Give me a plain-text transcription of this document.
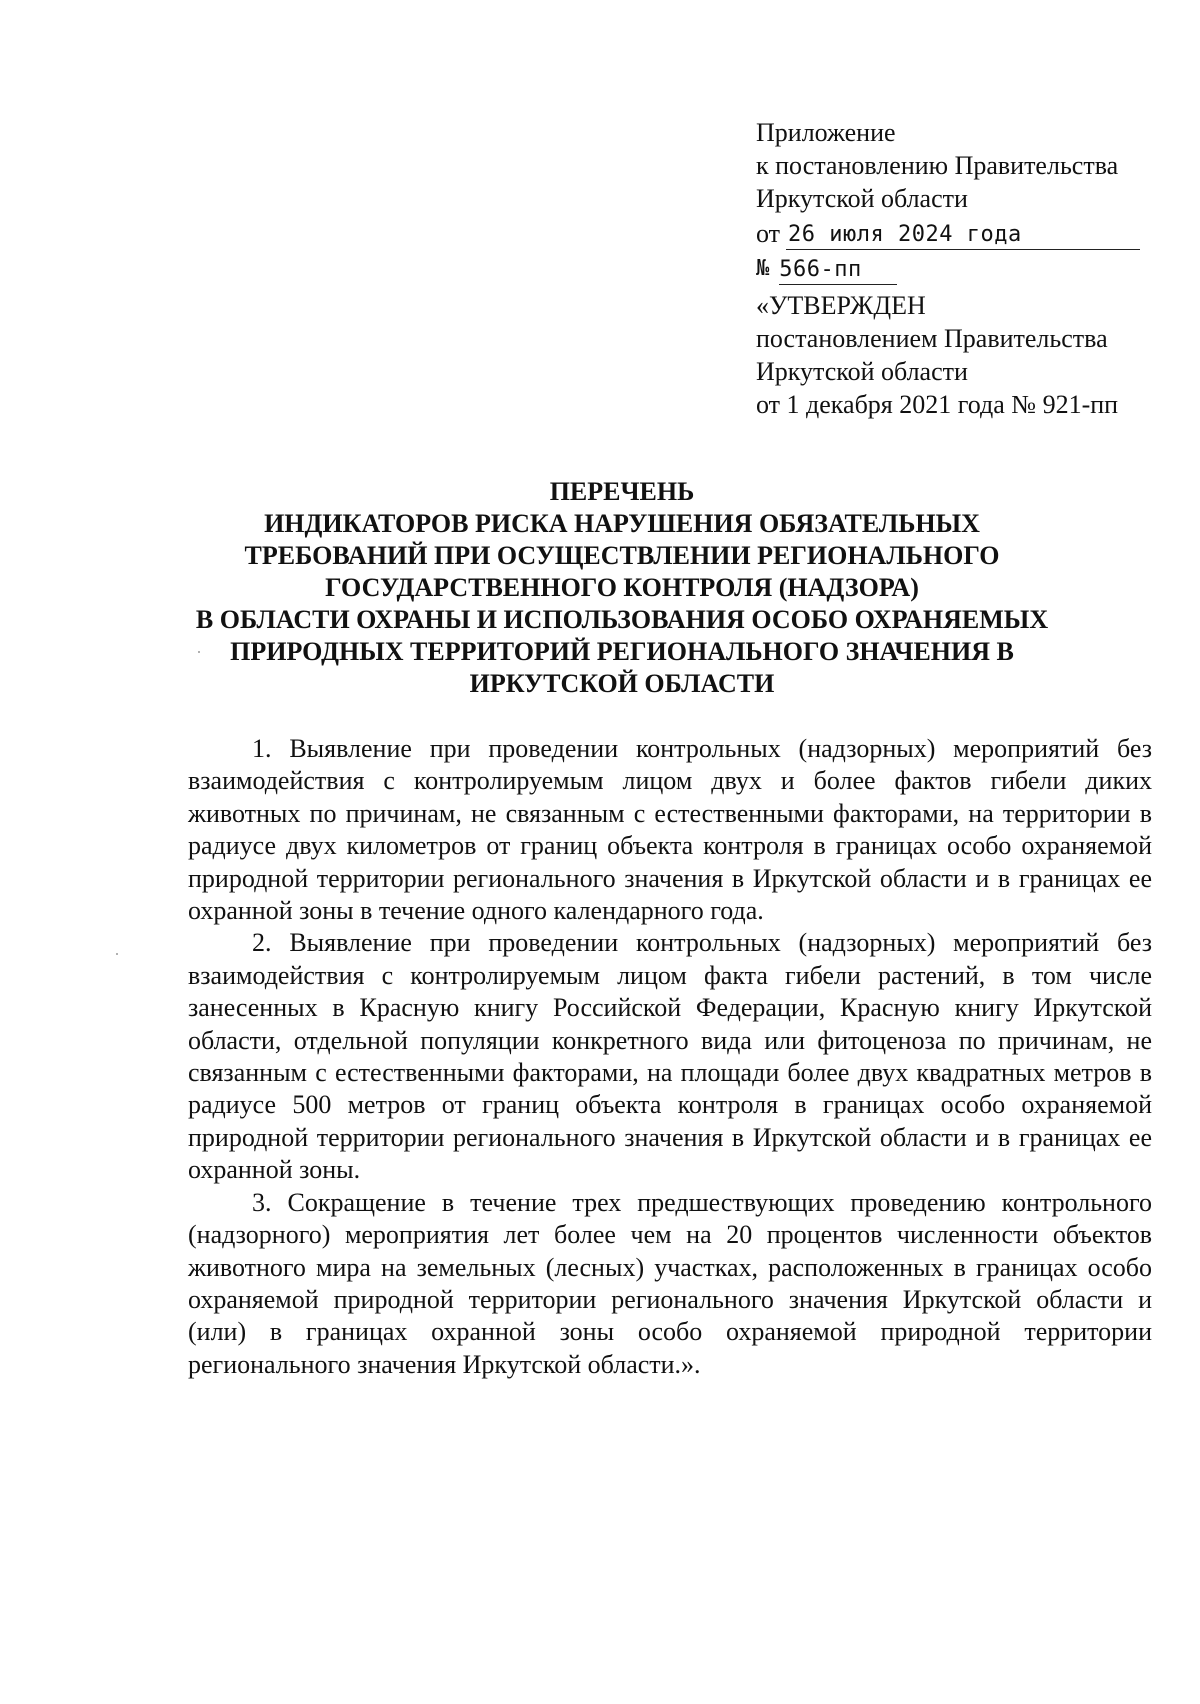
Приложение
к постановлению Правительства
Иркутской области
от 26 июля 2024 года
№ 566-пп
«УТВЕРЖДЕН
постановлением Правительства
Иркутской области
от 1 декабря 2021 года № 921-пп
ПЕРЕЧЕНЬ
ИНДИКАТОРОВ РИСКА НАРУШЕНИЯ ОБЯЗАТЕЛЬНЫХ
ТРЕБОВАНИЙ ПРИ ОСУЩЕСТВЛЕНИИ РЕГИОНАЛЬНОГО
ГОСУДАРСТВЕННОГО КОНТРОЛЯ (НАДЗОРА)
В ОБЛАСТИ ОХРАНЫ И ИСПОЛЬЗОВАНИЯ ОСОБО ОХРАНЯЕМЫХ
ПРИРОДНЫХ ТЕРРИТОРИЙ РЕГИОНАЛЬНОГО ЗНАЧЕНИЯ В
ИРКУТСКОЙ ОБЛАСТИ

1. Выявление при проведении контрольных (надзорных) мероприятий без взаимодействия с контролируемым лицом двух и более фактов гибели диких животных по причинам, не связанным с естественными факторами, на территории в радиусе двух километров от границ объекта контроля в границах особо охраняемой природной территории регионального значения в Иркутской области и в границах ее охранной зоны в течение одного календарного года.

2. Выявление при проведении контрольных (надзорных) мероприятий без взаимодействия с контролируемым лицом факта гибели растений, в том числе занесенных в Красную книгу Российской Федерации, Красную книгу Иркутской области, отдельной популяции конкретного вида или фитоценоза по причинам, не связанным с естественными факторами, на площади более двух квадратных метров в радиусе 500 метров от границ объекта контроля в границах особо охраняемой природной территории регионального значения в Иркутской области и в границах ее охранной зоны.

3. Сокращение в течение трех предшествующих проведению контрольного (надзорного) мероприятия лет более чем на 20 процентов численности объектов животного мира на земельных (лесных) участках, расположенных в границах особо охраняемой природной территории регионального значения Иркутской области и (или) в границах охранной зоны особо охраняемой природной территории регионального значения Иркутской области.».
